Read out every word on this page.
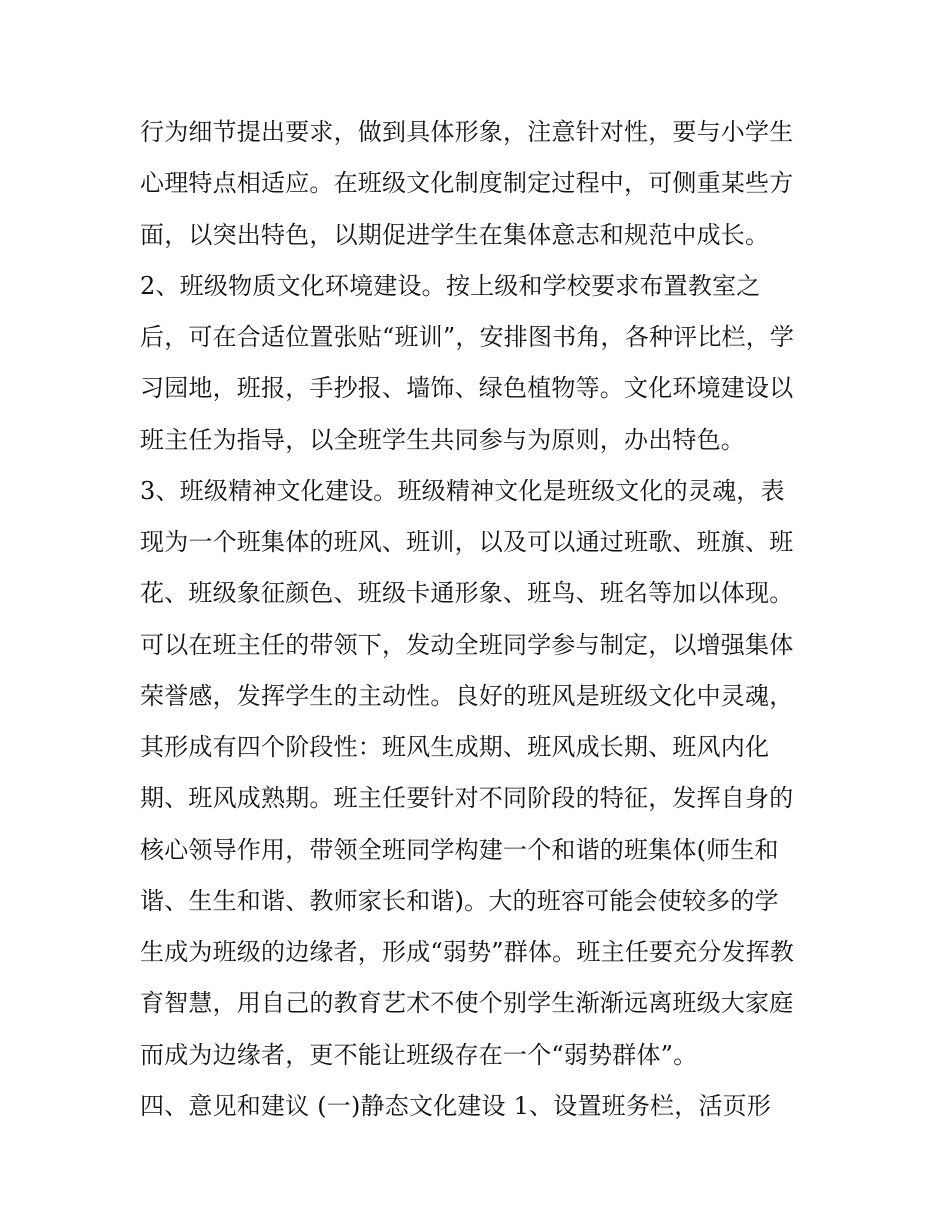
行为细节提出要求，做到具体形象，注意针对性，要与小学生
心理特点相适应。在班级文化制度制定过程中，可侧重某些方
面，以突出特色，以期促进学生在集体意志和规范中成长。
2、班级物质文化环境建设。按上级和学校要求布置教室之
后，可在合适位置张贴“班训”，安排图书角，各种评比栏，学
习园地，班报，手抄报、墙饰、绿色植物等。文化环境建设以
班主任为指导，以全班学生共同参与为原则，办出特色。
3、班级精神文化建设。班级精神文化是班级文化的灵魂，表
现为一个班集体的班风、班训，以及可以通过班歌、班旗、班
花、班级象征颜色、班级卡通形象、班鸟、班名等加以体现。
可以在班主任的带领下，发动全班同学参与制定，以增强集体
荣誉感，发挥学生的主动性。良好的班风是班级文化中灵魂，
其形成有四个阶段性：班风生成期、班风成长期、班风内化
期、班风成熟期。班主任要针对不同阶段的特征，发挥自身的
核心领导作用，带领全班同学构建一个和谐的班集体(师生和
谐、生生和谐、教师家长和谐)。大的班容可能会使较多的学
生成为班级的边缘者，形成“弱势”群体。班主任要充分发挥教
育智慧，用自己的教育艺术不使个别学生渐渐远离班级大家庭
而成为边缘者，更不能让班级存在一个“弱势群体”。
四、意见和建议 (一)静态文化建设 1、设置班务栏，活页形
